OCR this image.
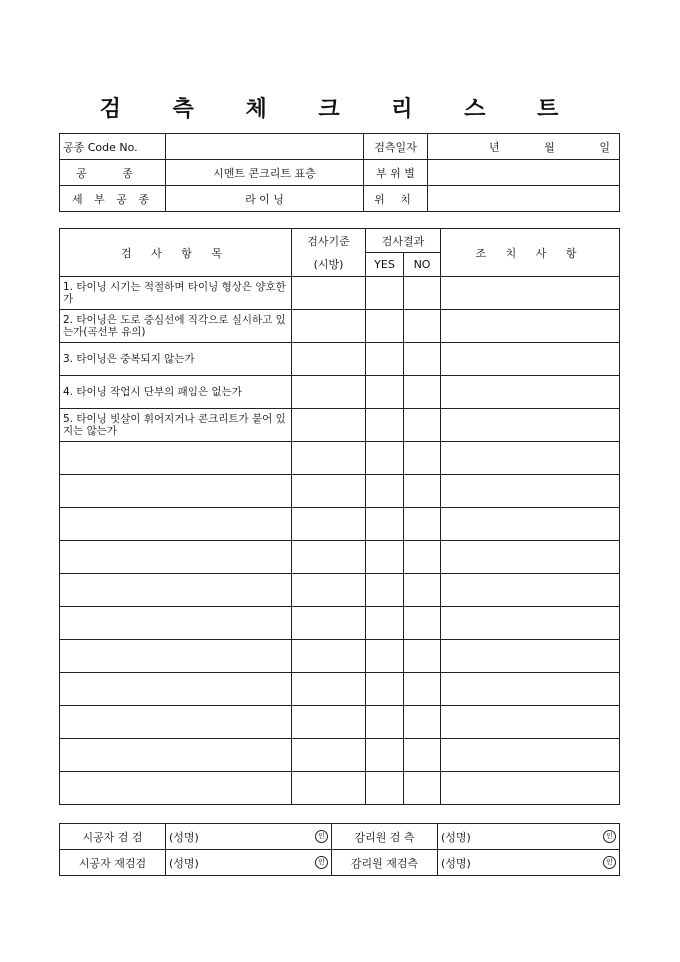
검 측 체 크 리 스 트
공종 Code No.		검측일자	년 월 일

공 종	시멘트 콘크리트 표층	부 위 별	
세 부 공 종	라 이 닝	위 치	
검 사 항 목	검사기준	검사결과		조 치 사 항
	(시방)	YES	NO	
1. 타이닝 시기는 적절하며 타이닝 형상은 양호한가				
2. 타이닝은 도로 중심선에 직각으로 실시하고 있는가(곡선부 유의)				
3. 타이닝은 중복되지 않는가				
4. 타이닝 작업시 단부의 패임은 없는가				
5. 타이닝 빗살이 휘어지거나 콘크리트가 붙어 있지는 않는가				

시공자 검 검	(성명) 인	감리원 검 측	(성명) 인

시공자 재검검	(성명) 인	감리원 재검측	(성명) 인
